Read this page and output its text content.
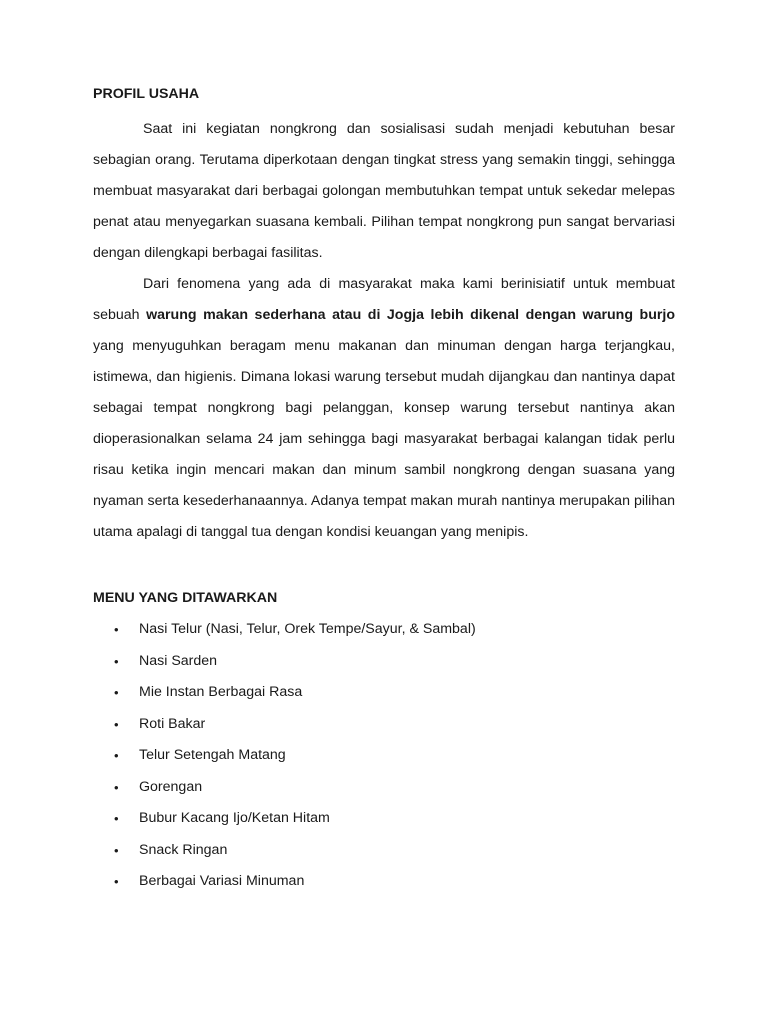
PROFIL USAHA

Saat ini kegiatan nongkrong dan sosialisasi sudah menjadi kebutuhan besar sebagian orang. Terutama diperkotaan dengan tingkat stress yang semakin tinggi, sehingga membuat masyarakat dari berbagai golongan membutuhkan tempat untuk sekedar melepas penat atau menyegarkan suasana kembali. Pilihan tempat nongkrong pun sangat bervariasi dengan dilengkapi berbagai fasilitas.

Dari fenomena yang ada di masyarakat maka kami berinisiatif untuk membuat sebuah warung makan sederhana atau di Jogja lebih dikenal dengan warung burjo yang menyuguhkan beragam menu makanan dan minuman dengan harga terjangkau, istimewa, dan higienis. Dimana lokasi warung tersebut mudah dijangkau dan nantinya dapat sebagai tempat nongkrong bagi pelanggan, konsep warung tersebut nantinya akan dioperasionalkan selama 24 jam sehingga bagi masyarakat berbagai kalangan tidak perlu risau ketika ingin mencari makan dan minum sambil nongkrong dengan suasana yang nyaman serta kesederhanaannya. Adanya tempat makan murah nantinya merupakan pilihan utama apalagi di tanggal tua dengan kondisi keuangan yang menipis.

MENU YANG DITAWARKAN
• Nasi Telur (Nasi, Telur, Orek Tempe/Sayur, & Sambal)
• Nasi Sarden
• Mie Instan Berbagai Rasa
• Roti Bakar
• Telur Setengah Matang
• Gorengan
• Bubur Kacang Ijo/Ketan Hitam
• Snack Ringan
• Berbagai Variasi Minuman
